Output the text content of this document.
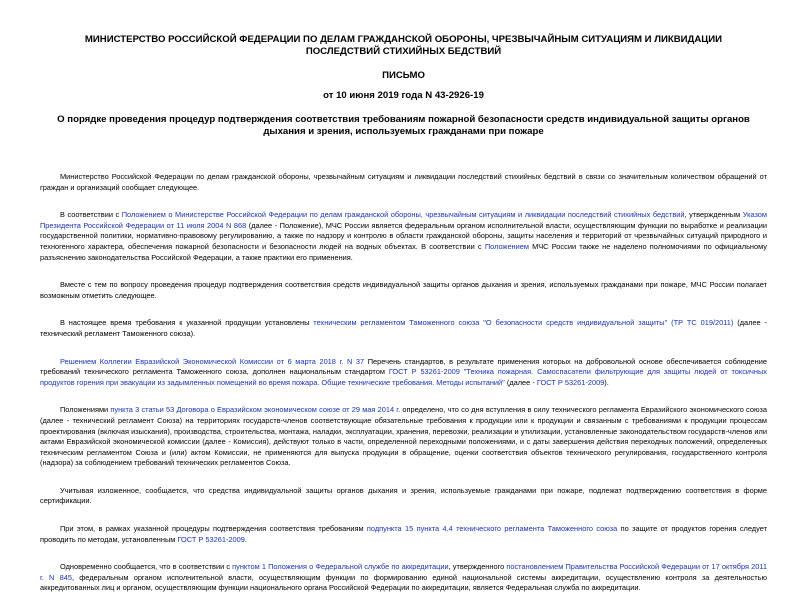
МИНИСТЕРСТВО РОССИЙСКОЙ ФЕДЕРАЦИИ ПО ДЕЛАМ ГРАЖДАНСКОЙ ОБОРОНЫ, ЧРЕЗВЫЧАЙНЫМ СИТУАЦИЯМ И ЛИКВИДАЦИИ ПОСЛЕДСТВИЙ СТИХИЙНЫХ БЕДСТВИЙ
ПИСЬМО
от 10 июня 2019 года N 43-2926-19
О порядке проведения процедур подтверждения соответствия требованиям пожарной безопасности средств индивидуальной защиты органов дыхания и зрения, используемых гражданами при пожаре

Министерство Российской Федерации по делам гражданской обороны, чрезвычайным ситуациям и ликвидации последствий стихийных бедствий в связи со значительным количеством обращений от граждан и организаций сообщает следующее.

В соответствии с Положением о Министерстве Российской Федерации по делам гражданской обороны, чрезвычайным ситуациям и ликвидации последствий стихийных бедствий, утвержденным Указом Президента Российской Федерации от 11 июля 2004 N 868 (далее - Положение), МЧС России является федеральным органом исполнительной власти, осуществляющим функции по выработке и реализации государственной политики, нормативно-правовому регулированию, а также по надзору и контролю в области гражданской обороны, защиты населения и территорий от чрезвычайных ситуаций природного и техногенного характера, обеспечения пожарной безопасности и безопасности людей на водных объектах. В соответствии с Положением МЧС России также не наделено полномочиями по официальному разъяснению законодательства Российской Федерации, а также практики его применения.

Вместе с тем по вопросу проведения процедур подтверждения соответствия средств индивидуальной защиты органов дыхания и зрения, используемых гражданами при пожаре, МЧС России полагает возможным отметить следующее.

В настоящее время требования к указанной продукции установлены техническим регламентом Таможенного союза "О безопасности средств индивидуальной защиты" (ТР ТС 019/2011) (далее - технический регламент Таможенного союза).

Решением Коллегии Евразийской Экономической Комиссии от 6 марта 2018 г. N 37 Перечень стандартов, в результате применения которых на добровольной основе обеспечивается соблюдение требований технического регламента Таможенного союза, дополнен национальным стандартом ГОСТ Р 53261-2009 "Техника пожарная. Самоспасатели фильтрующие для защиты людей от токсичных продуктов горения при эвакуации из задымленных помещений во время пожара. Общие технические требования. Методы испытаний" (далее - ГОСТ Р 53261-2009).

Положениями пункта 3 статьи 53 Договора о Евразийском экономическом союзе от 29 мая 2014 г. определено, что со дня вступления в силу технического регламента Евразийского экономического союза (далее - технический регламент Союза) на территориях государств-членов соответствующие обязательные требования к продукции или к продукции и связанным с требованиями к продукции процессам проектирования (включая изыскания), производства, строительства, монтажа, наладки, эксплуатации, хранения, перевозки, реализации и утилизации, установленные законодательством государств-членов или актами Евразийской экономической комиссии (далее - Комиссия), действуют только в части, определенной переходными положениями, и с даты завершения действия переходных положений, определенных техническим регламентом Союза и (или) актом Комиссии, не применяются для выпуска продукции в обращение, оценки соответствия объектов технического регулирования, государственного контроля (надзора) за соблюдением требований технических регламентов Союза.

Учитывая изложенное, сообщается, что средства индивидуальной защиты органов дыхания и зрения, используемые гражданами при пожаре, подлежат подтверждению соответствия в форме сертификации.

При этом, в рамках указанной процедуры подтверждения соответствия требованиям подпункта 15 пункта 4.4 технического регламента Таможенного союза по защите от продуктов горения следует проводить по методам, установленным ГОСТ Р 53261-2009.

Одновременно сообщается, что в соответствии с пунктом 1 Положения о Федеральной службе по аккредитации, утвержденного постановлением Правительства Российской Федерации от 17 октября 2011 г. N 845, федеральным органом исполнительной власти, осуществляющим функции по формированию единой национальной системы аккредитации, осуществлению контроля за деятельностью аккредитованных лиц и органом, осуществляющим функции национального органа Российской Федерации по аккредитации, является Федеральная служба по аккредитации.
